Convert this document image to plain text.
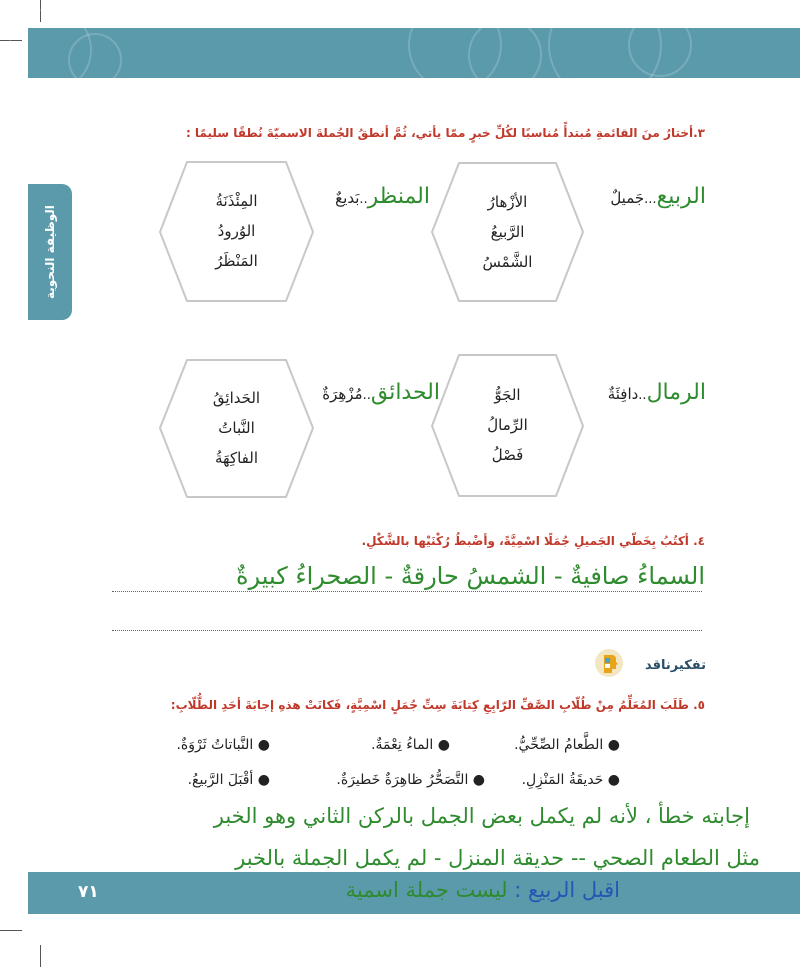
الوظيفة النحوية
٣.أختارُ منَ القائمةِ مُبتدأً مُناسبًا لكُلِّ خبرٍ ممّا يأتي، ثُمَّ أنطقُ الجُملةَ الاسميّةَ نُطقًا سليمًا :
الأزْهارُ
الرَّبيعُ
الشَّمْسُ
المِئْذَنَةُ
الوُرودُ
المَنْظَرُ
الجَوُّ
الرِّمالُ
فَصْلُ
الحَدائِقُ
النَّباتُ
الفاكِهَةُ
الربيع...جَميلٌ
المنظر..بَديعٌ
الرمال..دافِئَةٌ
الحدائق..مُزْهِرَةٌ
٤. أكتُبُ بِخَطّي الجَميلِ جُمَلًا اسْمِيَّةً، وأضْبطُ رُكْنَيْها بالشَّكْلِ.
السماءُ صافيةٌ - الشمسُ حارقةٌ - الصحراءُ كبيرةٌ
تفكيرناقد
٥. طَلَبَ المُعَلِّمُ مِنْ طُلّابِ الصَّفِّ الرّابِعِ كِتابَةَ سِتِّ جُمَلٍ اسْمِيَّةٍ، فَكانَتْ هذهِ إجابَةَ أحَدِ الطُّلّابِ:
● الطَّعامُ الصِّحِّيُّ.
● الماءُ نِعْمَةٌ.
● النَّباتاتُ ثَرْوَةٌ.
● حَديقَةُ المَنْزِلِ.
● التَّصَحُّرُ ظاهِرَةٌ خَطيرَةٌ.
● أقْبَلَ الرَّبيعُ.
إجابته خطأ ، لأنه لم يكمل بعض الجمل بالركن الثاني وهو الخبر
مثل الطعام الصحي -- حديقة المنزل - لم يكمل الجملة بالخبر
٧١	اقبل الربيع : ليست جملة اسمية
